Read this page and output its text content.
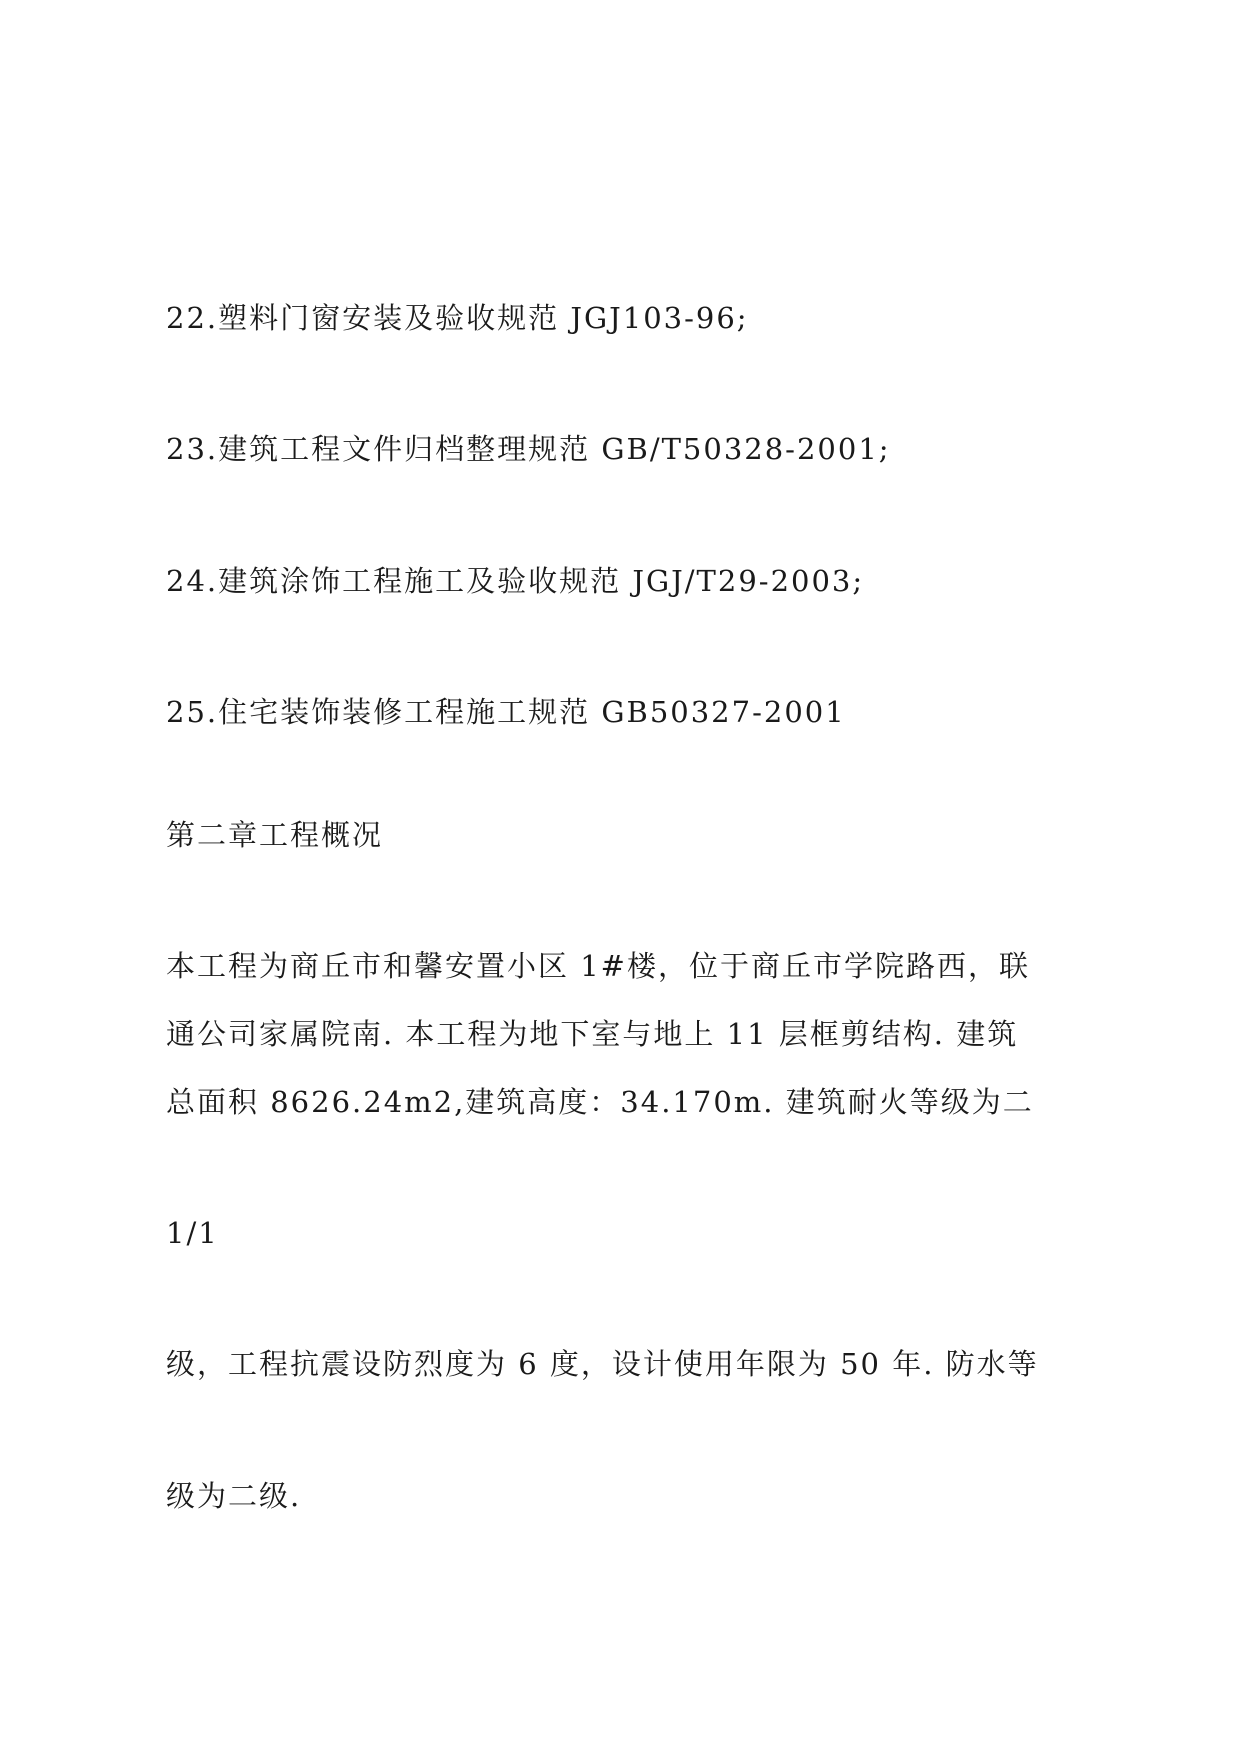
22.塑料门窗安装及验收规范 JGJ103-96;

23.建筑工程文件归档整理规范 GB/T50328-2001;

24.建筑涂饰工程施工及验收规范 JGJ/T29-2003;

25.住宅装饰装修工程施工规范 GB50327-2001

第二章工程概况

本工程为商丘市和馨安置小区 1#楼，位于商丘市学院路西，联

通公司家属院南. 本工程为地下室与地上 11 层框剪结构. 建筑

总面积 8626.24m2,建筑高度：34.170m. 建筑耐火等级为二

1/1

级，工程抗震设防烈度为 6 度，设计使用年限为 50 年. 防水等

级为二级.
